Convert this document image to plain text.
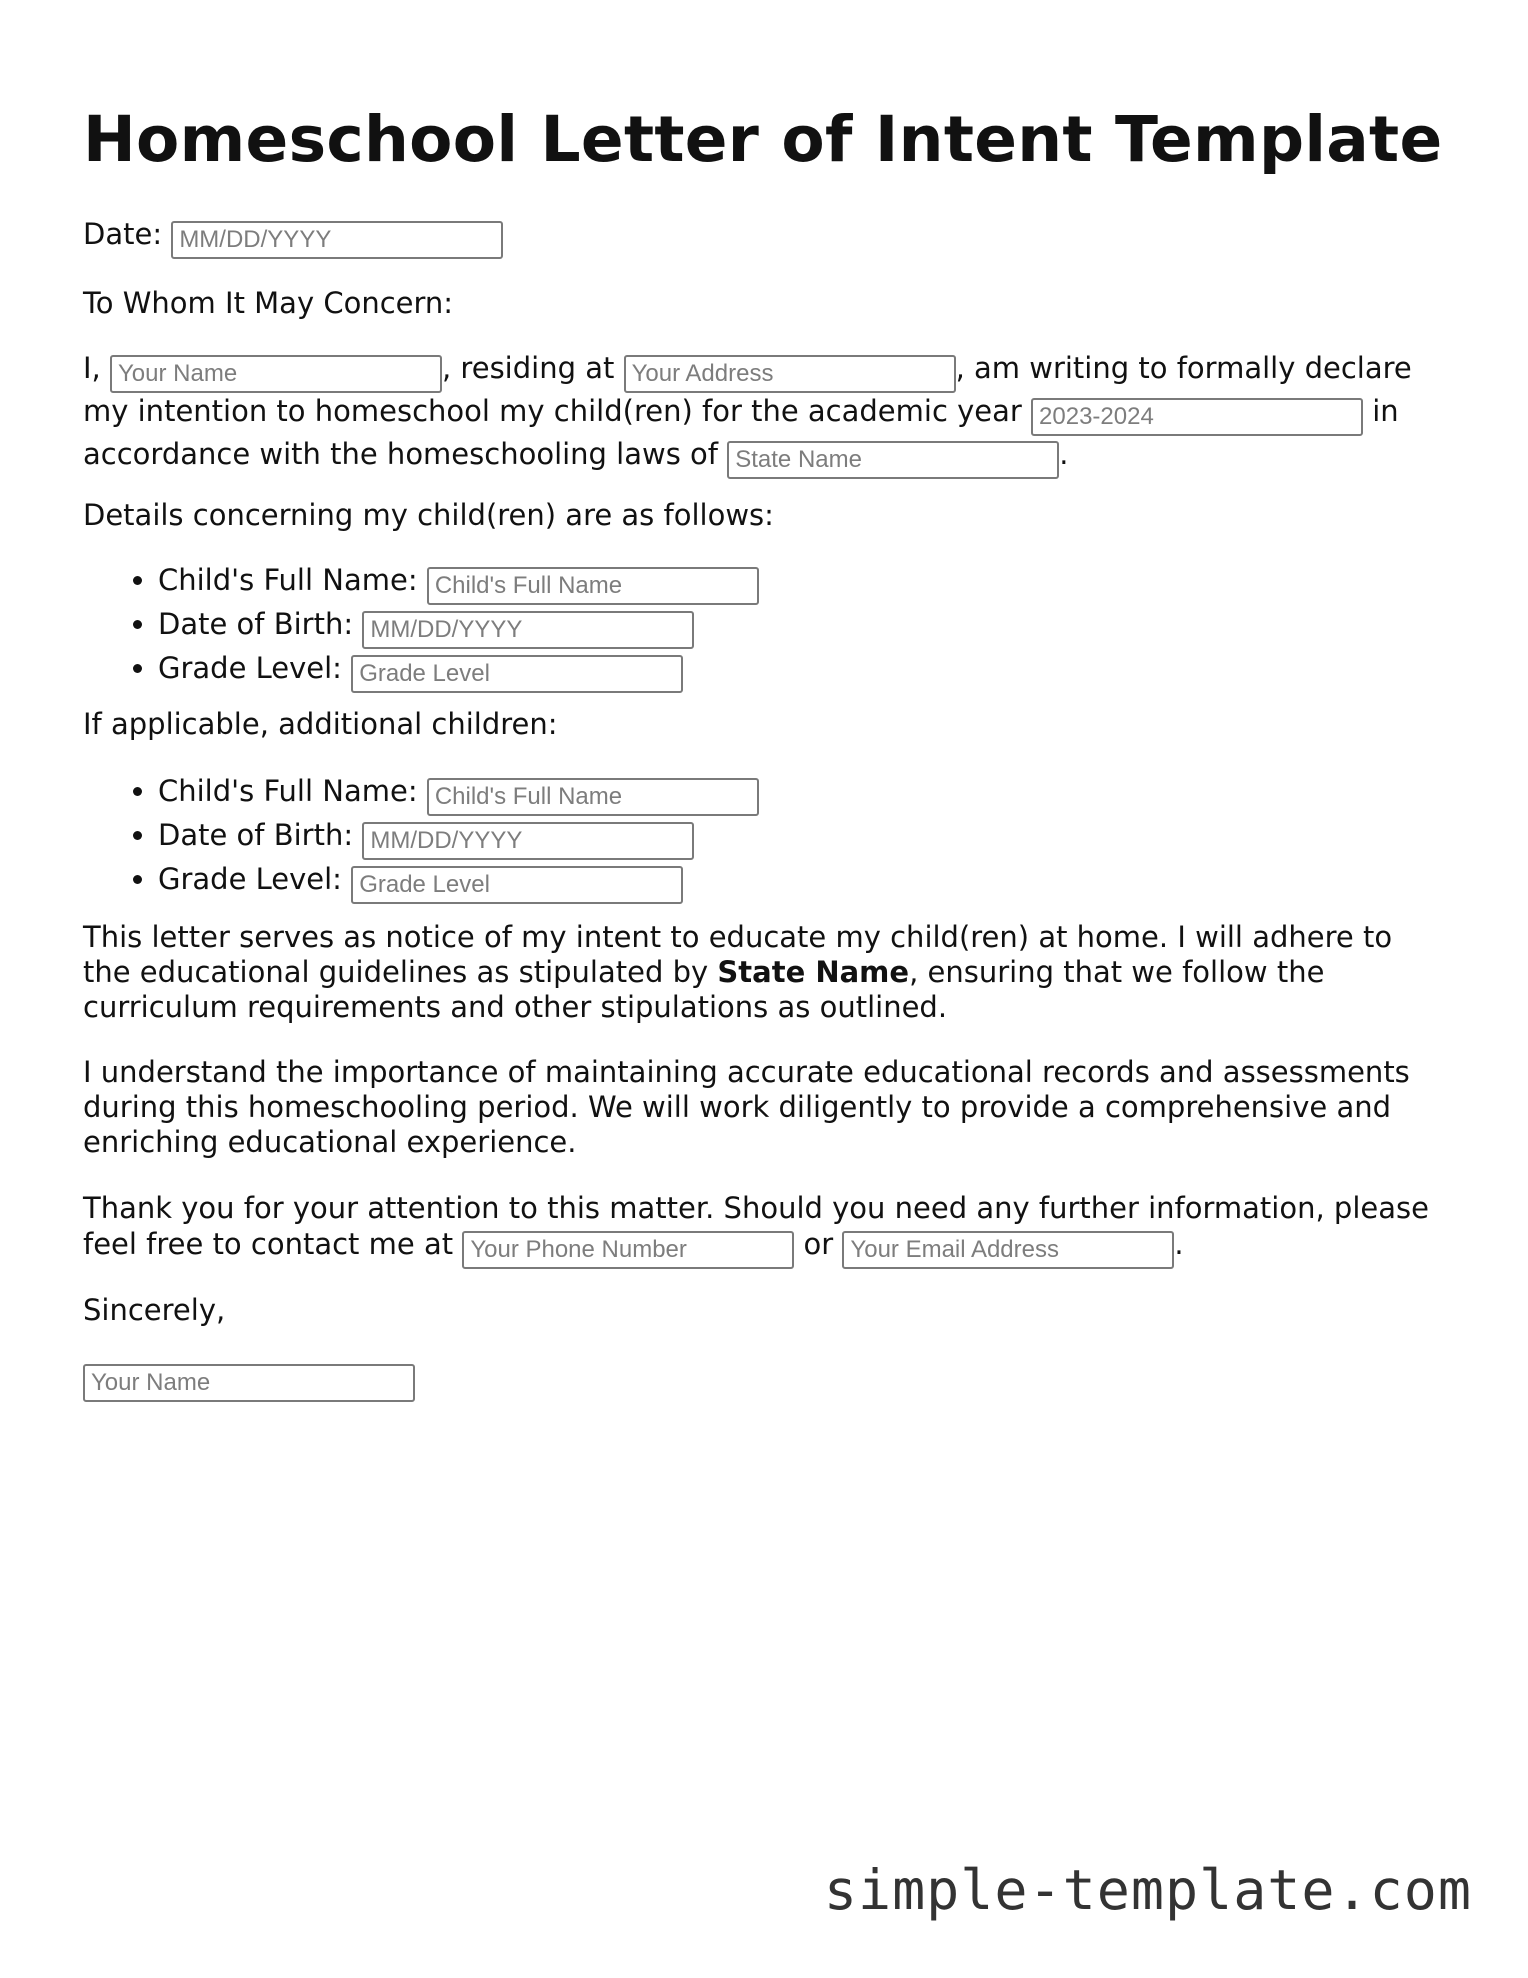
Homeschool Letter of Intent Template

Date: MM/DD/YYYY

To Whom It May Concern:

I, Your Name	, residing at Your Address	, am writing to formally declare my intention to homeschool my child(ren) for the academic year 2023-2024	in accordance with the homeschooling laws of State Name	.

Details concerning my child(ren) are as follows:

• Child's Full Name: Child's Full Name
• Date of Birth: MM/DD/YYYY
• Grade Level: Grade Level

If applicable, additional children:

• Child's Full Name: Child's Full Name
• Date of Birth: MM/DD/YYYY
• Grade Level: Grade Level

This letter serves as notice of my intent to educate my child(ren) at home. I will adhere to the educational guidelines as stipulated by State Name, ensuring that we follow the curriculum requirements and other stipulations as outlined.

I understand the importance of maintaining accurate educational records and assessments during this homeschooling period. We will work diligently to provide a comprehensive and enriching educational experience.

Thank you for your attention to this matter. Should you need any further information, please feel free to contact me at Your Phone Number	or Your Email Address	.

Sincerely,

Your Name

simple-template.com
